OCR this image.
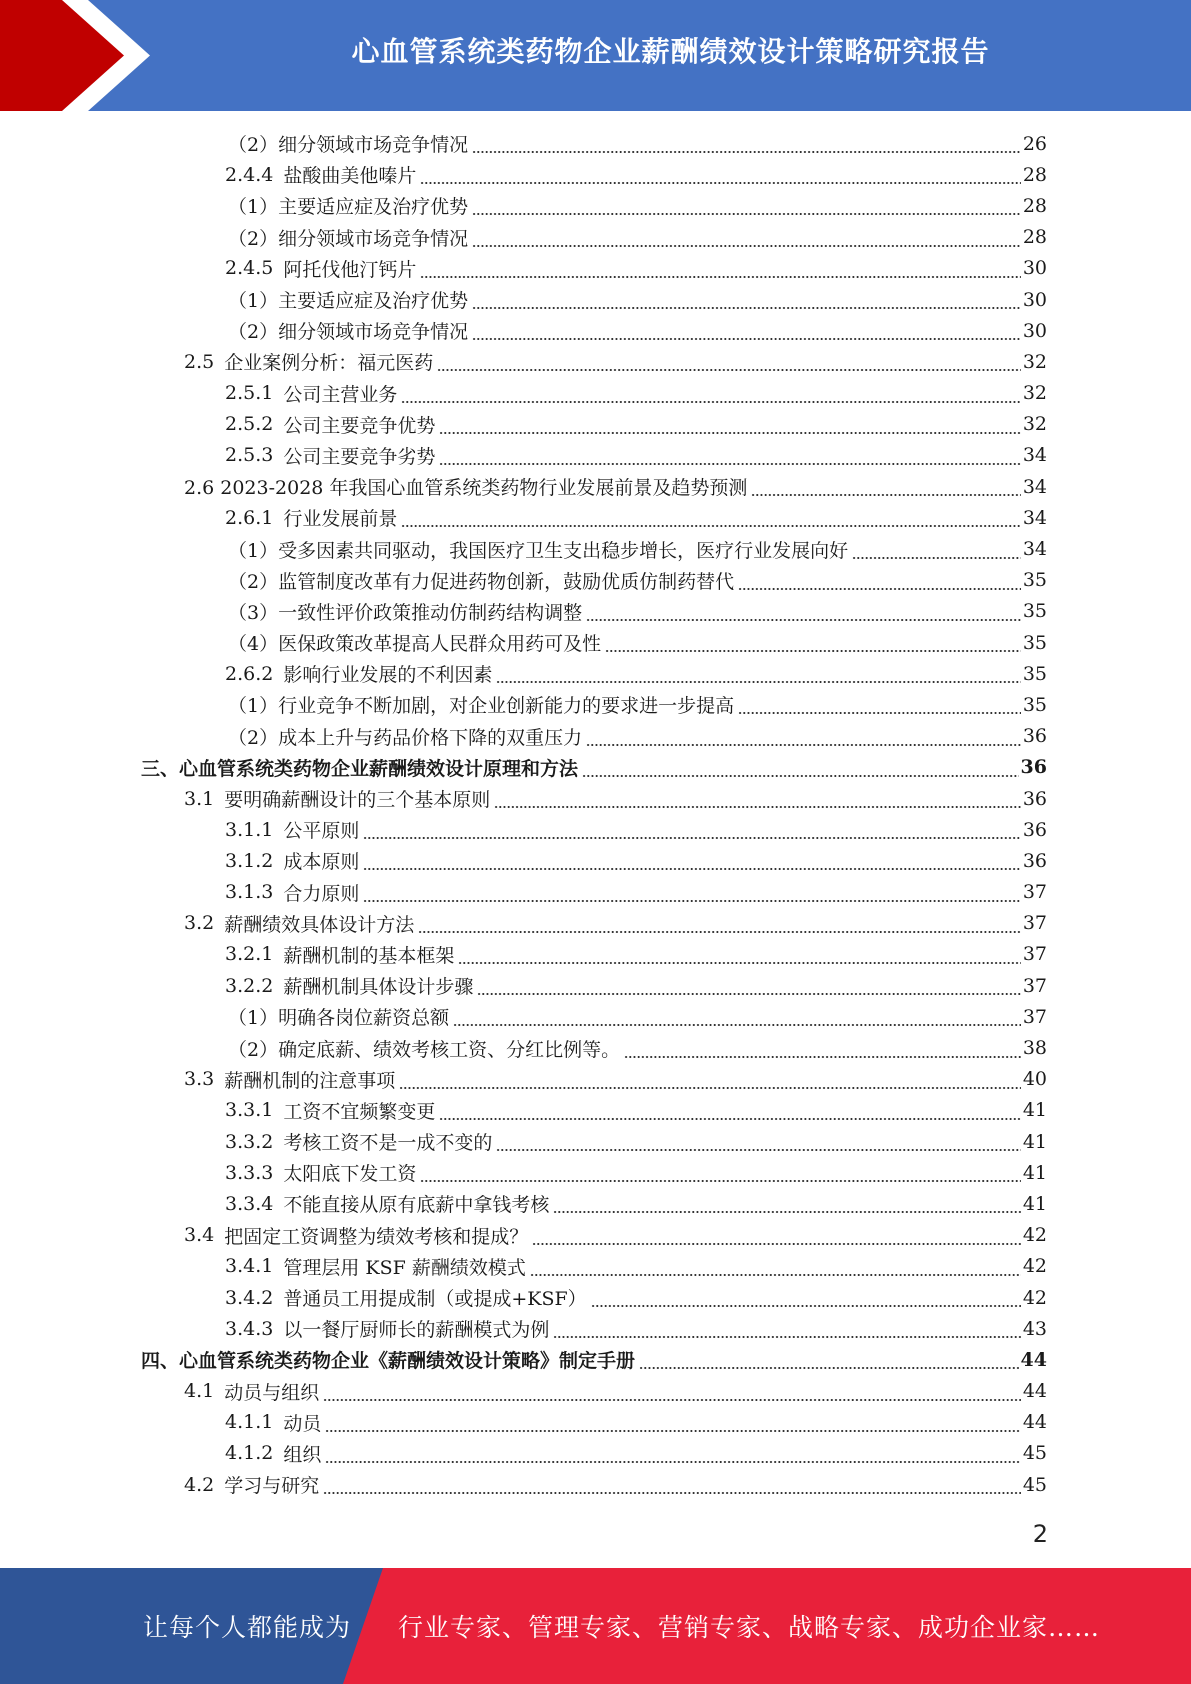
心血管系统类药物企业薪酬绩效设计策略研究报告
（2）细分领域市场竞争情况	26
2.4.4 盐酸曲美他嗪片	28
（1）主要适应症及治疗优势	28
（2）细分领域市场竞争情况	28
2.4.5 阿托伐他汀钙片	30
（1）主要适应症及治疗优势	30
（2）细分领域市场竞争情况	30
2.5 企业案例分析：福元医药	32
2.5.1 公司主营业务	32
2.5.2 公司主要竞争优势	32
2.5.3 公司主要竞争劣势	34
2.6 2023-2028 年我国心血管系统类药物行业发展前景及趋势预测	34
2.6.1 行业发展前景	34
（1）受多因素共同驱动，我国医疗卫生支出稳步增长，医疗行业发展向好	34
（2）监管制度改革有力促进药物创新，鼓励优质仿制药替代	35
（3）一致性评价政策推动仿制药结构调整	35
（4）医保政策改革提高人民群众用药可及性	35
2.6.2 影响行业发展的不利因素	35
（1）行业竞争不断加剧，对企业创新能力的要求进一步提高	35
（2）成本上升与药品价格下降的双重压力	36
三、心血管系统类药物企业薪酬绩效设计原理和方法	36
3.1 要明确薪酬设计的三个基本原则	36
3.1.1 公平原则	36
3.1.2 成本原则	36
3.1.3 合力原则	37
3.2 薪酬绩效具体设计方法	37
3.2.1 薪酬机制的基本框架	37
3.2.2 薪酬机制具体设计步骤	37
（1）明确各岗位薪资总额	37
（2）确定底薪、绩效考核工资、分红比例等。	38
3.3 薪酬机制的注意事项	40
3.3.1 工资不宜频繁变更	41
3.3.2 考核工资不是一成不变的	41
3.3.3 太阳底下发工资	41
3.3.4 不能直接从原有底薪中拿钱考核	41
3.4 把固定工资调整为绩效考核和提成？	42
3.4.1 管理层用 KSF 薪酬绩效模式	42
3.4.2 普通员工用提成制（或提成+KSF）	42
3.4.3 以一餐厅厨师长的薪酬模式为例	43
四、心血管系统类药物企业《薪酬绩效设计策略》制定手册	44
4.1 动员与组织	44
4.1.1 动员	44
4.1.2 组织	45
4.2 学习与研究	45
2
让每个人都能成为 行业专家、管理专家、营销专家、战略专家、成功企业家……
